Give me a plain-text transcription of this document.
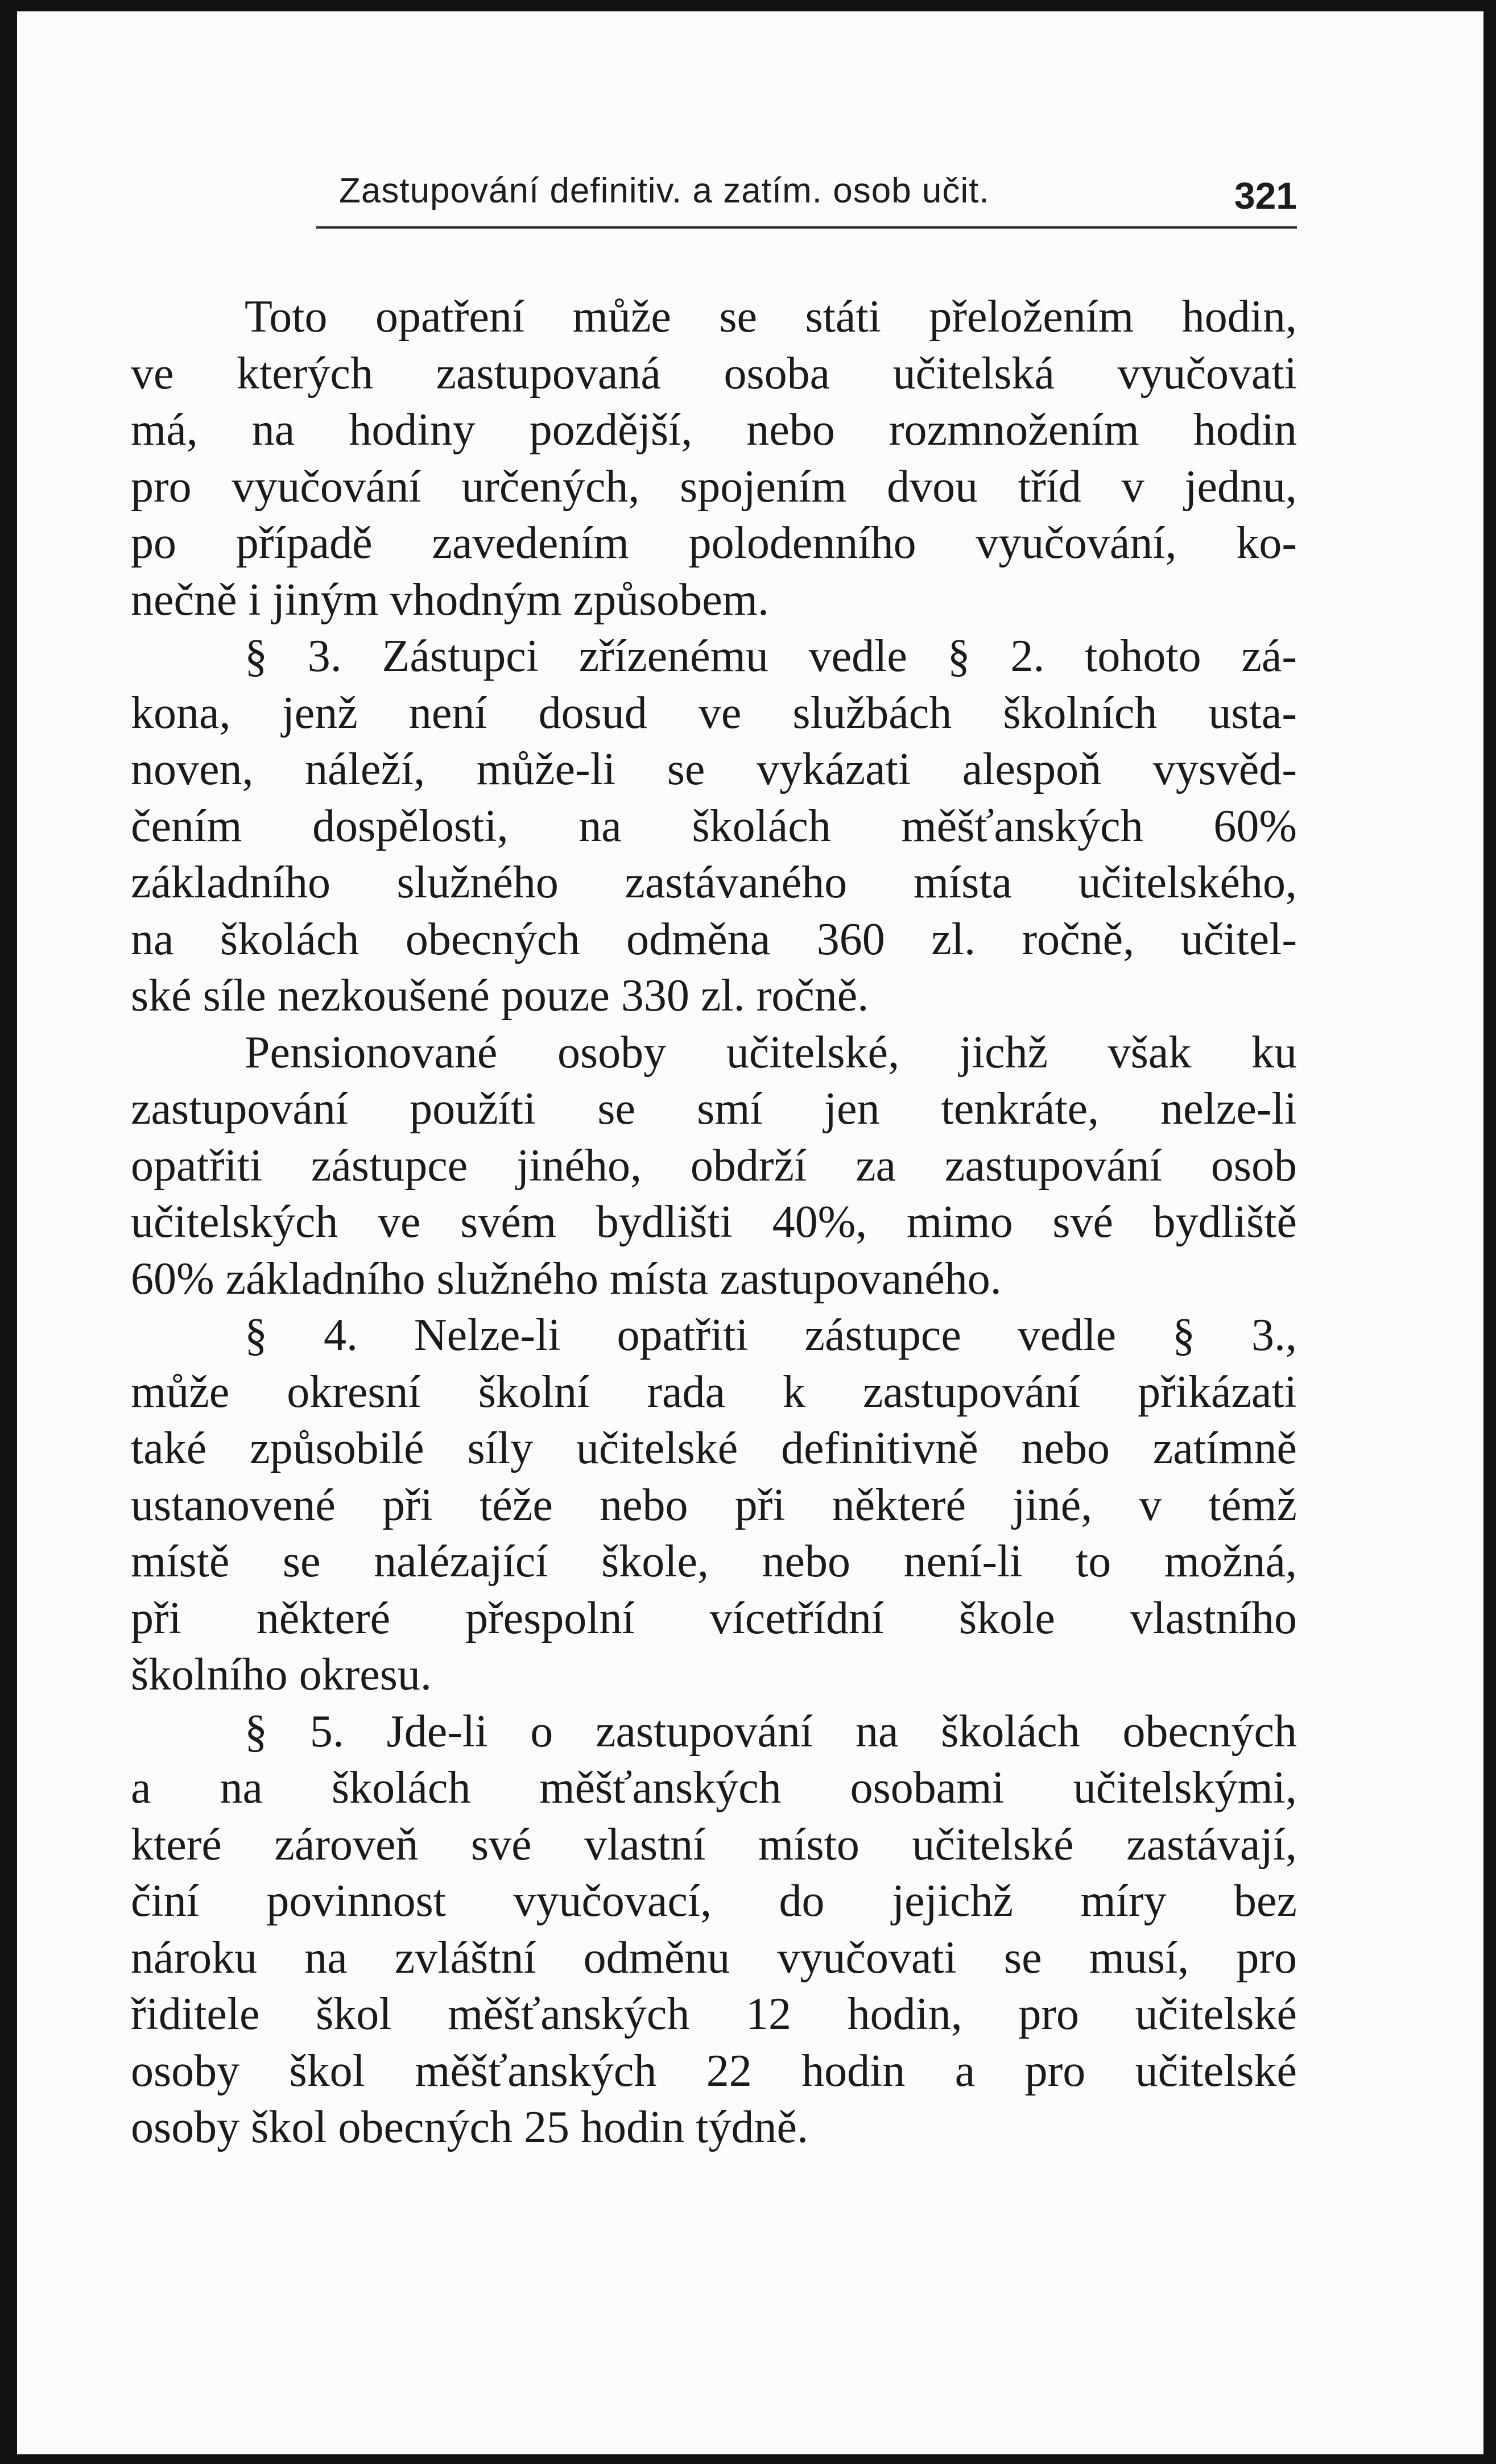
Zastupování definitiv. a zatím. osob učit.	321
Toto opatření může se státi přeložením hodin,
ve kterých zastupovaná osoba učitelská vyučovati
má, na hodiny pozdější, nebo rozmnožením hodin
pro vyučování určených, spojením dvou tříd v jednu,
po případě zavedením polodenního vyučování, ko-
nečně i jiným vhodným způsobem.
§ 3. Zástupci zřízenému vedle § 2. tohoto zá-
kona, jenž není dosud ve službách školních usta-
noven, náleží, může-li se vykázati alespoň vysvěd-
čením dospělosti, na školách měšťanských 60%
základního služného zastávaného místa učitelského,
na školách obecných odměna 360 zl. ročně, učitel-
ské síle nezkoušené pouze 330 zl. ročně.
Pensionované osoby učitelské, jichž však ku
zastupování použíti se smí jen tenkráte, nelze-li
opatřiti zástupce jiného, obdrží za zastupování osob
učitelských ve svém bydlišti 40%, mimo své bydliště
60% základního služného místa zastupovaného.
§ 4. Nelze-li opatřiti zástupce vedle § 3.,
může okresní školní rada k zastupování přikázati
také způsobilé síly učitelské definitivně nebo zatímně
ustanovené při téže nebo při některé jiné, v témž
místě se nalézající škole, nebo není-li to možná,
při některé přespolní vícetřídní škole vlastního
školního okresu.
§ 5. Jde-li o zastupování na školách obecných
a na školách měšťanských osobami učitelskými,
které zároveň své vlastní místo učitelské zastávají,
činí povinnost vyučovací, do jejichž míry bez
nároku na zvláštní odměnu vyučovati se musí, pro
řiditele škol měšťanských 12 hodin, pro učitelské
osoby škol měšťanských 22 hodin a pro učitelské
osoby škol obecných 25 hodin týdně.
